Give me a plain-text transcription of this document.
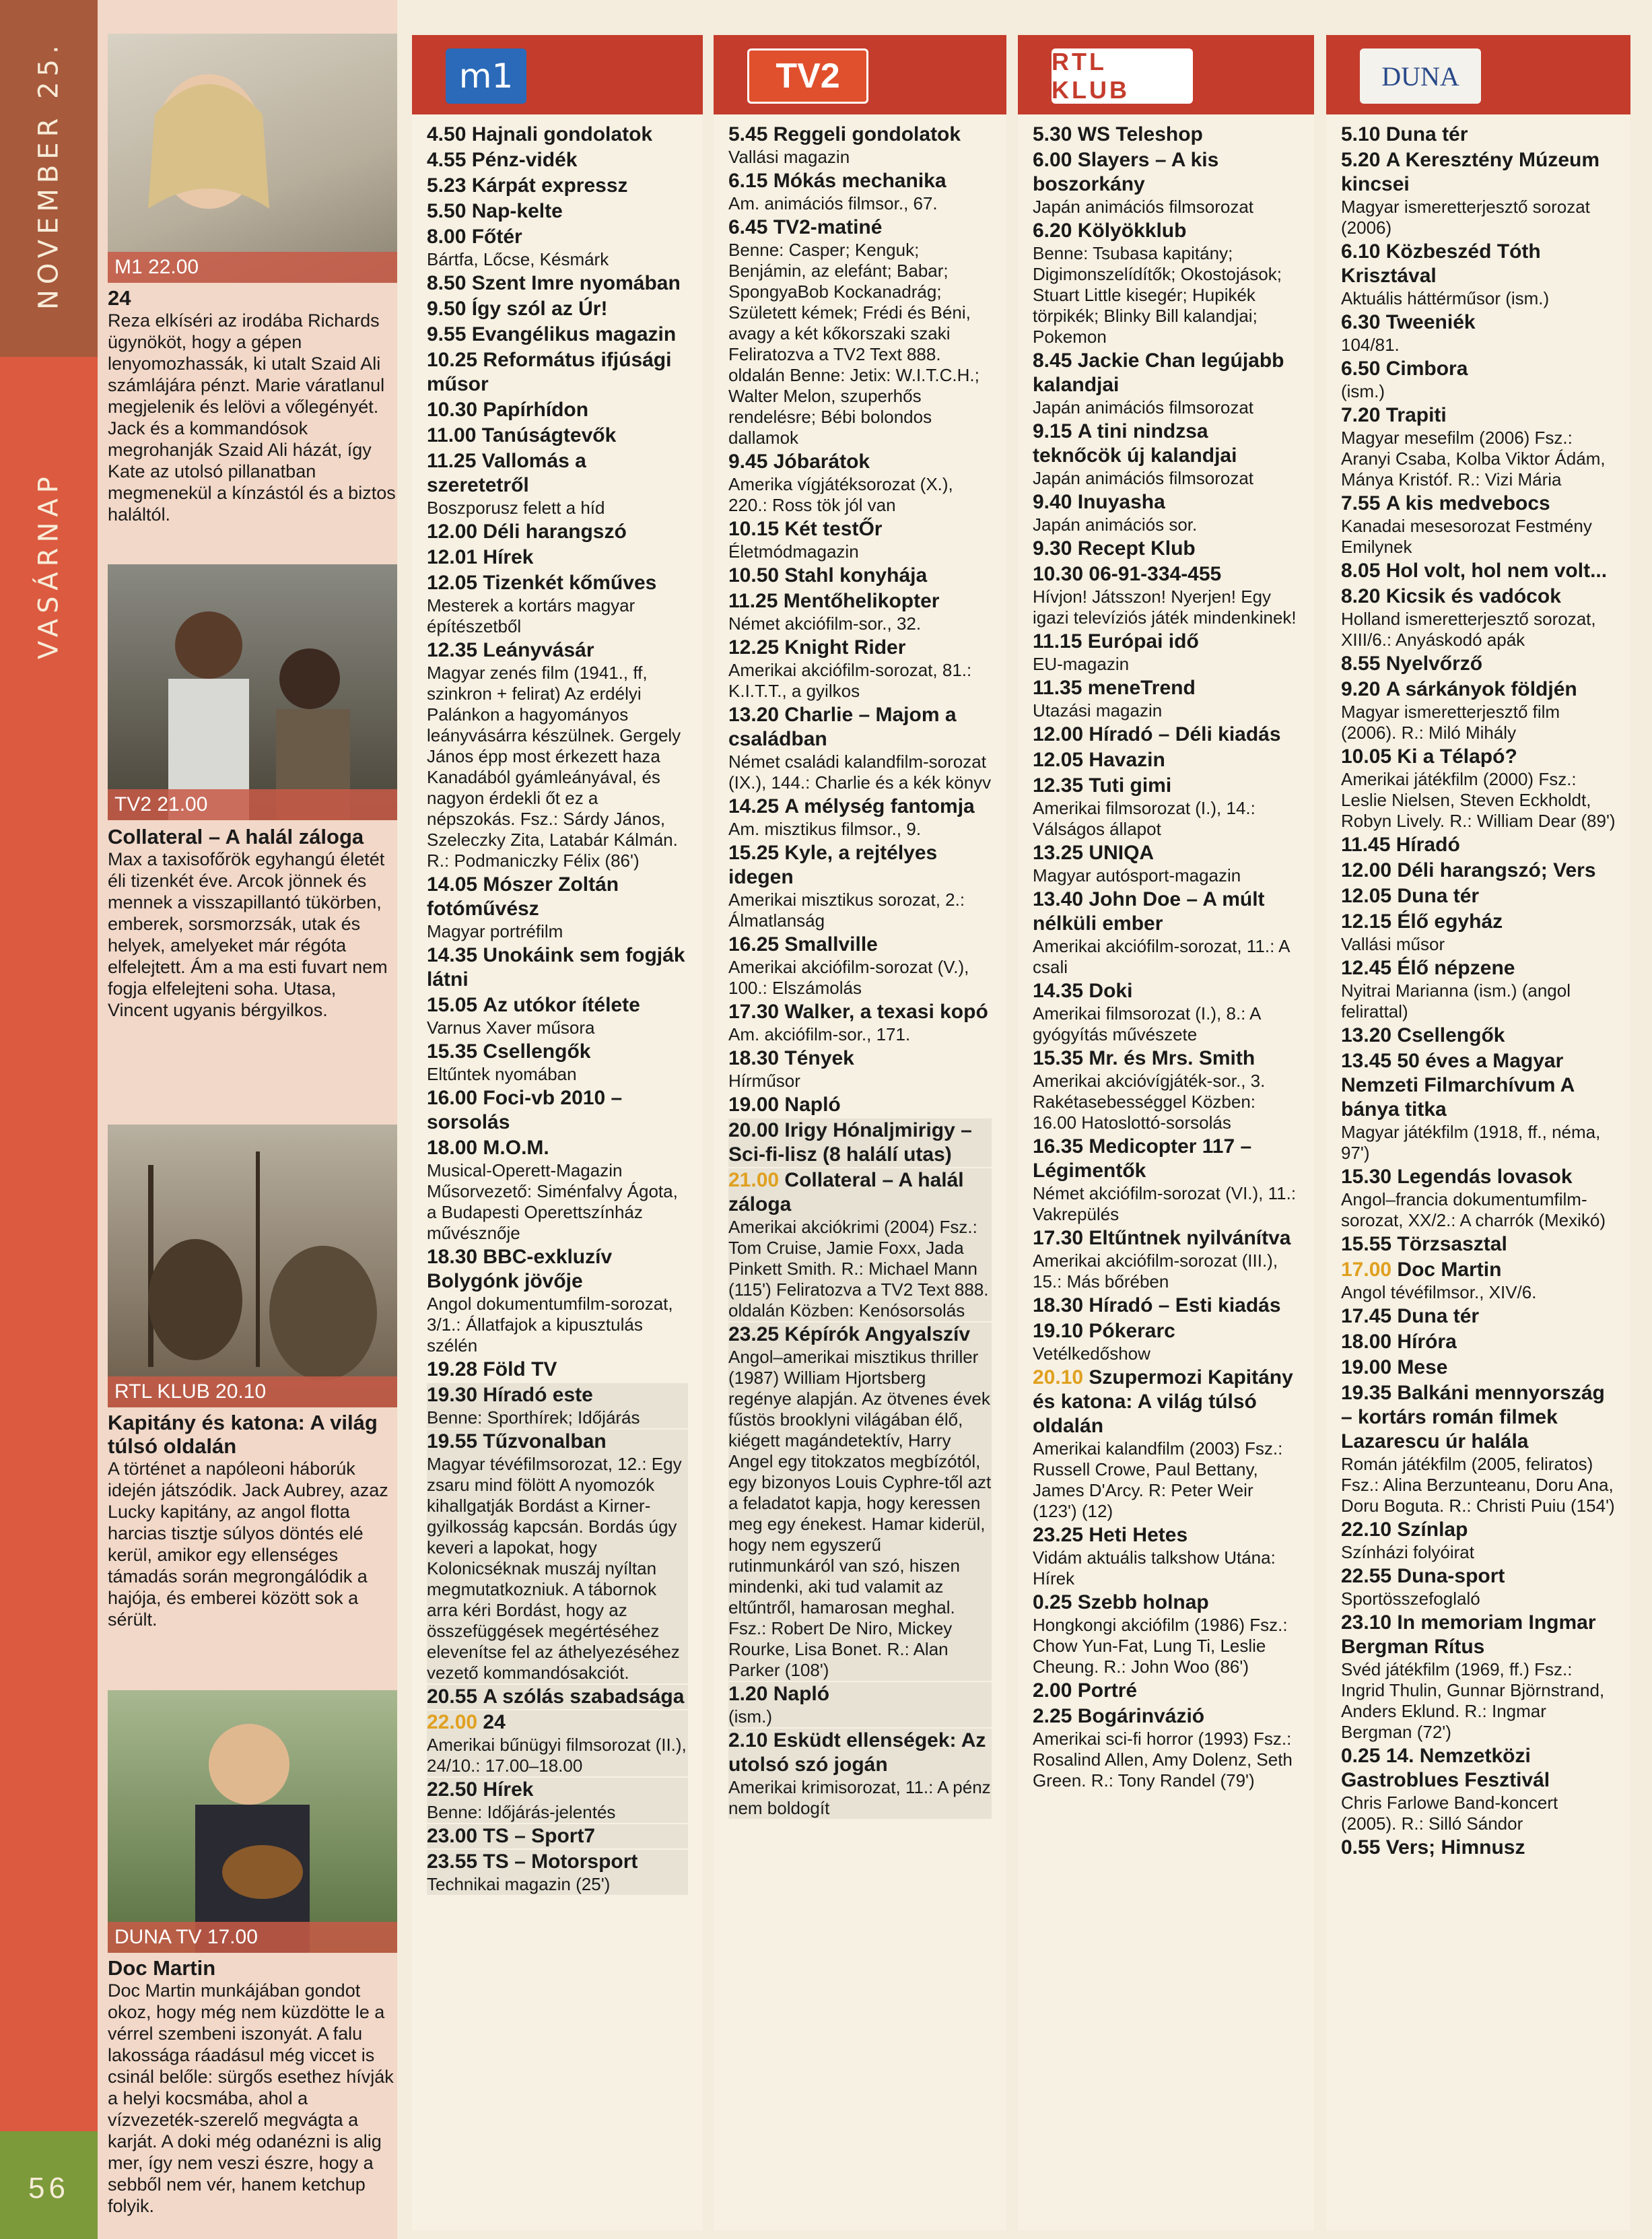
NOVEMBER 25.
VASÁRNAP
56
M1 22.00
24
Reza elkíséri az irodába Richards ügynököt, hogy a gépen lenyomozhassák, ki utalt Szaid Ali számlájára pénzt. Marie váratlanul megjelenik és lelövi a vőlegényét. Jack és a kommandósok megrohanják Szaid Ali házát, így Kate az utolsó pillanatban megmenekül a kínzástól és a biztos haláltól.
TV2 21.00
Collateral – A halál záloga
Max a taxisofőrök egyhangú életét éli tizenkét éve. Arcok jönnek és mennek a visszapillantó tükörben, emberek, sorsmorzsák, utak és helyek, amelyeket már régóta elfelejtett. Ám a ma esti fuvart nem fogja elfelejteni soha. Utasa, Vincent ugyanis bérgyilkos.
RTL KLUB 20.10
Kapitány és katona: A világ túlsó oldalán
A történet a napóleoni háborúk idején játszódik. Jack Aubrey, azaz Lucky kapitány, az angol flotta harcias tisztje súlyos döntés elé kerül, amikor egy ellenséges támadás során megrongálódik a hajója, és emberei között sok a sérült.
DUNA TV 17.00
Doc Martin
Doc Martin munkájában gondot okoz, hogy még nem küzdötte le a vérrel szembeni iszonyát. A falu lakossága ráadásul még viccet is csinál belőle: sürgős esethez hívják a helyi kocsmába, ahol a vízvezeték-szerelő megvágta a karját. A doki még odanézni is alig mer, így nem veszi észre, hogy a sebből nem vér, hanem ketchup folyik.
m1
4.50 Hajnali gondolatok
4.55 Pénz-vidék
5.23 Kárpát expressz
5.50 Nap-kelte
8.00 Főtér
Bártfa, Lőcse, Késmárk
8.50 Szent Imre nyomában
9.50 Így szól az Úr!
9.55 Evangélikus magazin
10.25 Református ifjúsági műsor
10.30 Papírhídon
11.00 Tanúságtevők
11.25 Vallomás a szeretetről
Boszporusz felett a híd
12.00 Déli harangszó
12.01 Hírek
12.05 Tizenkét kőműves
Mesterek a kortárs magyar építészetből
12.35 Leányvásár
Magyar zenés film (1941., ff, szinkron + felirat) Az erdélyi Palánkon a hagyományos leányvásárra készülnek. Gergely János épp most érkezett haza Kanadából gyámleányával, és nagyon érdekli őt ez a népszokás. Fsz.: Sárdy János, Szeleczky Zita, Latabár Kálmán. R.: Podmaniczky Félix (86')
14.05 Mószer Zoltán fotóművész
Magyar portréfilm
14.35 Unokáink sem fogják látni
15.05 Az utókor ítélete
Varnus Xaver műsora
15.35 Csellengők
Eltűntek nyomában
16.00 Foci-vb 2010 – sorsolás
18.00 M.O.M.
Musical-Operett-Magazin Műsorvezető: Siménfalvy Ágota, a Budapesti Operettszínház művésznője
18.30 BBC-exkluzív Bolygónk jövője
Angol dokumentumfilm-sorozat, 3/1.: Állatfajok a kipusztulás szélén
19.28 Föld TV
19.30 Híradó este
Benne: Sporthírek; Időjárás
19.55 Tűzvonalban
Magyar tévéfilmsorozat, 12.: Egy zsaru mind fölött A nyomozók kihallgatják Bordást a Kirner-gyilkosság kapcsán. Bordás úgy keveri a lapokat, hogy Kolonicséknak muszáj nyíltan megmutatkozniuk. A tábornok arra kéri Bordást, hogy az összefüggések megértéséhez elevenítse fel az áthelyezéséhez vezető kommandósakciót.
20.55 A szólás szabadsága
22.00 24
Amerikai bűnügyi filmsorozat (II.), 24/10.: 17.00–18.00
22.50 Hírek
Benne: Időjárás-jelentés
23.00 TS – Sport7
23.55 TS – Motorsport
Technikai magazin (25')
TV2
5.45 Reggeli gondolatok
Vallási magazin
6.15 Mókás mechanika
Am. animációs filmsor., 67.
6.45 TV2-matiné
Benne: Casper; Kenguk; Benjámin, az elefánt; Babar; SpongyaBob Kockanadrág; Született kémek; Frédi és Béni, avagy a két kőkorszaki szaki Feliratozva a TV2 Text 888. oldalán Benne: Jetix: W.I.T.C.H.; Walter Melon, szuperhős rendelésre; Bébi bolondos dallamok
9.45 Jóbarátok
Amerika vígjátéksorozat (X.), 220.: Ross tök jól van
10.15 Két testŐr
Életmódmagazin
10.50 Stahl konyhája
11.25 Mentőhelikopter
Német akciófilm-sor., 32.
12.25 Knight Rider
Amerikai akciófilm-sorozat, 81.: K.I.T.T., a gyilkos
13.20 Charlie – Majom a családban
Német családi kalandfilm-sorozat (IX.), 144.: Charlie és a kék könyv
14.25 A mélység fantomja
Am. misztikus filmsor., 9.
15.25 Kyle, a rejtélyes idegen
Amerikai misztikus sorozat, 2.: Álmatlanság
16.25 Smallville
Amerikai akciófilm-sorozat (V.), 100.: Elszámolás
17.30 Walker, a texasi kopó
Am. akciófilm-sor., 171.
18.30 Tények
Hírműsor
19.00 Napló
20.00 Irigy Hónaljmirigy – Sci-fi-lisz (8 halálí utas)
21.00 Collateral – A halál záloga
Amerikai akciókrimi (2004) Fsz.: Tom Cruise, Jamie Foxx, Jada Pinkett Smith. R.: Michael Mann (115') Feliratozva a TV2 Text 888. oldalán Közben: Kenósorsolás
23.25 Képírók Angyalszív
Angol–amerikai misztikus thriller (1987) William Hjortsberg regénye alapján. Az ötvenes évek fűstös brooklyni világában élő, kiégett magándetektív, Harry Angel egy titokzatos megbízótól, egy bizonyos Louis Cyphre-től azt a feladatot kapja, hogy keressen meg egy énekest. Hamar kiderül, hogy nem egyszerű rutinmunkáról van szó, hiszen mindenki, aki tud valamit az eltűntről, hamarosan meghal. Fsz.: Robert De Niro, Mickey Rourke, Lisa Bonet. R.: Alan Parker (108')
1.20 Napló
(ism.)
2.10 Esküdt ellenségek: Az utolsó szó jogán
Amerikai krimisorozat, 11.: A pénz nem boldogít
RTL KLUB
5.30 WS Teleshop
6.00 Slayers – A kis boszorkány
Japán animációs filmsorozat
6.20 Kölyökklub
Benne: Tsubasa kapitány; Digimonszelídítők; Okostojások; Stuart Little kisegér; Hupikék törpikék; Blinky Bill kalandjai; Pokemon
8.45 Jackie Chan legújabb kalandjai
Japán animációs filmsorozat
9.15 A tini nindzsa teknőcök új kalandjai
Japán animációs filmsorozat
9.40 Inuyasha
Japán animációs sor.
9.30 Recept Klub
10.30 06-91-334-455
Hívjon! Játsszon! Nyerjen! Egy igazi televíziós játék mindenkinek!
11.15 Európai idő
EU-magazin
11.35 meneTrend
Utazási magazin
12.00 Híradó – Déli kiadás
12.05 Havazin
12.35 Tuti gimi
Amerikai filmsorozat (I.), 14.: Válságos állapot
13.25 UNIQA
Magyar autósport-magazin
13.40 John Doe – A múlt nélküli ember
Amerikai akciófilm-sorozat, 11.: A csali
14.35 Doki
Amerikai filmsorozat (I.), 8.: A gyógyítás művészete
15.35 Mr. és Mrs. Smith
Amerikai akcióvígjáték-sor., 3. Rakétasebességgel Közben: 16.00 Hatoslottó-sorsolás
16.35 Medicopter 117 – Légimentők
Német akciófilm-sorozat (VI.), 11.: Vakrepülés
17.30 Eltűntnek nyilvánítva
Amerikai akciófilm-sorozat (III.), 15.: Más bőrében
18.30 Híradó – Esti kiadás
19.10 Pókerarc
Vetélkedőshow
20.10 Szupermozi Kapitány és katona: A világ túlsó oldalán
Amerikai kalandfilm (2003) Fsz.: Russell Crowe, Paul Bettany, James D'Arcy. R: Peter Weir (123') (12)
23.25 Heti Hetes
Vidám aktuális talkshow Utána: Hírek
0.25 Szebb holnap
Hongkongi akciófilm (1986) Fsz.: Chow Yun-Fat, Lung Ti, Leslie Cheung. R.: John Woo (86')
2.00 Portré
2.25 Bogárinvázió
Amerikai sci-fi horror (1993) Fsz.: Rosalind Allen, Amy Dolenz, Seth Green. R.: Tony Randel (79')
DUNA
5.10 Duna tér
5.20 A Keresztény Múzeum kincsei
Magyar ismeretterjesztő sorozat (2006)
6.10 Közbeszéd Tóth Krisztával
Aktuális háttérműsor (ism.)
6.30 Tweeniék
104/81.
6.50 Cimbora
(ism.)
7.20 Trapiti
Magyar mesefilm (2006) Fsz.: Aranyi Csaba, Kolba Viktor Ádám, Mánya Kristóf. R.: Vizi Mária
7.55 A kis medvebocs
Kanadai mesesorozat Festmény Emilynek
8.05 Hol volt, hol nem volt...
8.20 Kicsik és vadócok
Holland ismeretterjesztő sorozat, XIII/6.: Anyáskodó apák
8.55 Nyelvőrző
9.20 A sárkányok földjén
Magyar ismeretterjesztő film (2006). R.: Miló Mihály
10.05 Ki a Télapó?
Amerikai játékfilm (2000) Fsz.: Leslie Nielsen, Steven Eckholdt, Robyn Lively. R.: William Dear (89')
11.45 Híradó
12.00 Déli harangszó; Vers
12.05 Duna tér
12.15 Élő egyház
Vallási műsor
12.45 Élő népzene
Nyitrai Marianna (ism.) (angol felirattal)
13.20 Csellengők
13.45 50 éves a Magyar Nemzeti Filmarchívum A bánya titka
Magyar játékfilm (1918, ff., néma, 97')
15.30 Legendás lovasok
Angol–francia dokumentumfilm-sorozat, XX/2.: A charrók (Mexikó)
15.55 Törzsasztal
17.00 Doc Martin
Angol tévéfilmsor., XIV/6.
17.45 Duna tér
18.00 Híróra
19.00 Mese
19.35 Balkáni mennyország – kortárs román filmek Lazarescu úr halála
Román játékfilm (2005, feliratos) Fsz.: Alina Berzunteanu, Doru Ana, Doru Boguta. R.: Christi Puiu (154')
22.10 Színlap
Színházi folyóirat
22.55 Duna-sport
Sportösszefoglaló
23.10 In memoriam Ingmar Bergman Rítus
Svéd játékfilm (1969, ff.) Fsz.: Ingrid Thulin, Gunnar Björnstrand, Anders Eklund. R.: Ingmar Bergman (72')
0.25 14. Nemzetközi Gastroblues Fesztivál
Chris Farlowe Band-koncert (2005). R.: Silló Sándor
0.55 Vers; Himnusz
